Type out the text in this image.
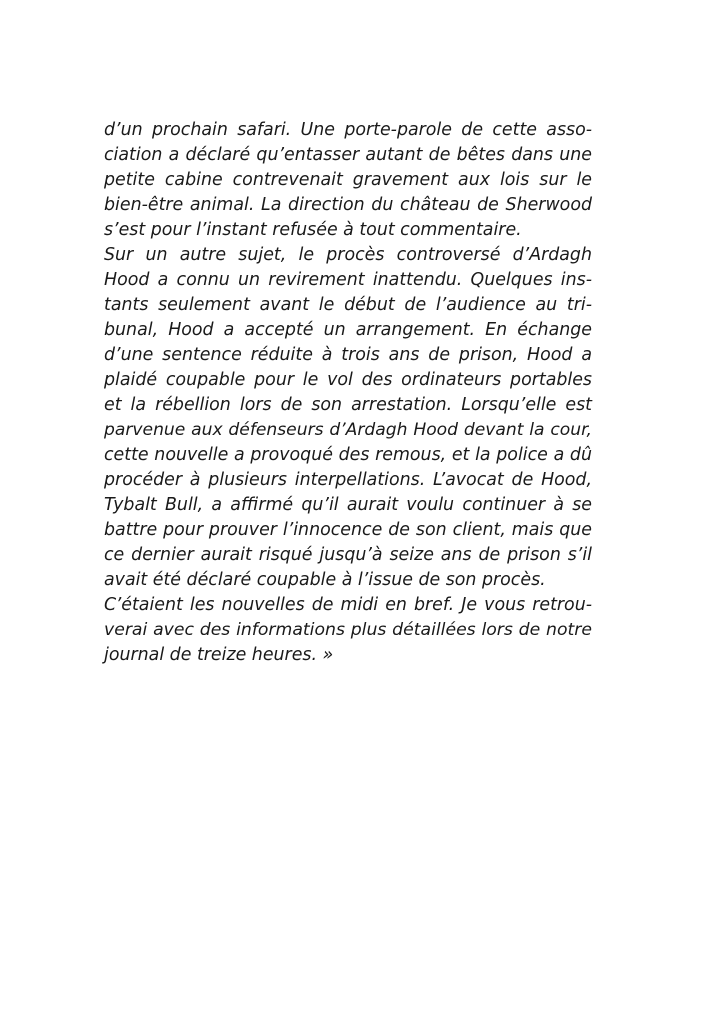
d’un prochain safari. Une porte-parole de cette asso-
ciation a déclaré qu’entasser autant de bêtes dans une
petite cabine contrevenait gravement aux lois sur le
bien-être animal. La direction du château de Sherwood
s’est pour l’instant refusée à tout commentaire.
Sur un autre sujet, le procès controversé d’Ardagh
Hood a connu un revirement inattendu. Quelques ins-
tants seulement avant le début de l’audience au tri-
bunal, Hood a accepté un arrangement. En échange
d’une sentence réduite à trois ans de prison, Hood a
plaidé coupable pour le vol des ordinateurs portables
et la rébellion lors de son arrestation. Lorsqu’elle est
parvenue aux défenseurs d’Ardagh Hood devant la cour,
cette nouvelle a provoqué des remous, et la police a dû
procéder à plusieurs interpellations. L’avocat de Hood,
Tybalt Bull, a affirmé qu’il aurait voulu continuer à se
battre pour prouver l’innocence de son client, mais que
ce dernier aurait risqué jusqu’à seize ans de prison s’il
avait été déclaré coupable à l’issue de son procès.
C’étaient les nouvelles de midi en bref. Je vous retrou-
verai avec des informations plus détaillées lors de notre
journal de treize heures. »
